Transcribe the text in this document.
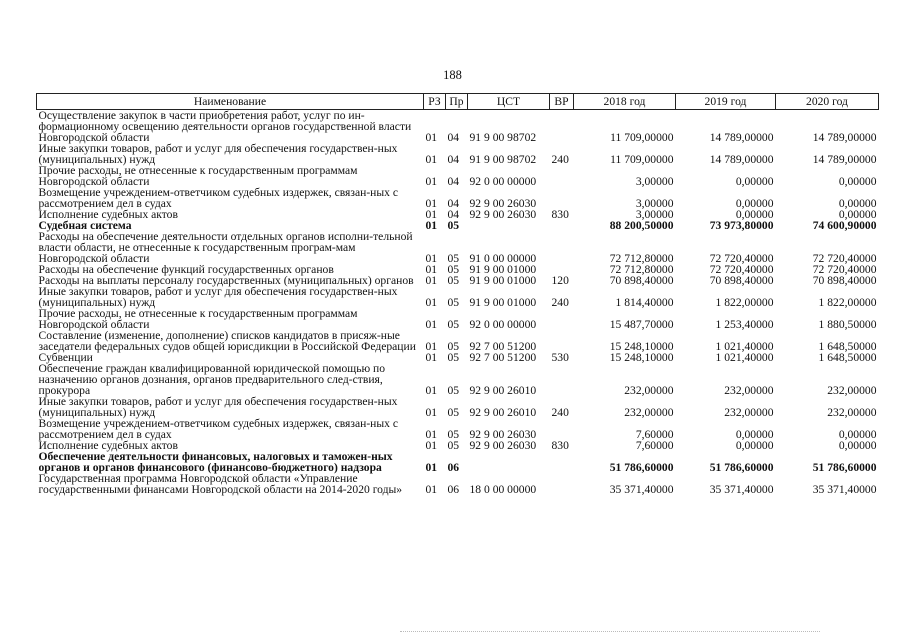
188
Наименование	РЗ	Пр	ЦСТ	ВР	2018 год	2019 год	2020 год
Осуществление закупок в части приобретения работ, услуг по ин-формационному освещению деятельности органов государственной власти Новгородской области	01	04	91 9 00 98702		11 709,00000	14 789,00000	14 789,00000
Иные закупки товаров, работ и услуг для обеспечения государствен-ных (муниципальных) нужд	01	04	91 9 00 98702	240	11 709,00000	14 789,00000	14 789,00000
Прочие расходы, не отнесенные к государственным программам Новгородской области	01	04	92 0 00 00000		3,00000	0,00000	0,00000
Возмещение учреждением-ответчиком судебных издержек, связан-ных с рассмотрением дел в судах	01	04	92 9 00 26030		3,00000	0,00000	0,00000
Исполнение судебных актов	01	04	92 9 00 26030	830	3,00000	0,00000	0,00000
Судебная система	01	05			88 200,50000	73 973,80000	74 600,90000
Расходы на обеспечение деятельности отдельных органов исполни-тельной власти области, не отнесенные к государственным програм-мам Новгородской области	01	05	91 0 00 00000		72 712,80000	72 720,40000	72 720,40000
Расходы на обеспечение функций государственных органов	01	05	91 9 00 01000		72 712,80000	72 720,40000	72 720,40000
Расходы на выплаты персоналу государственных (муниципальных) органов	01	05	91 9 00 01000	120	70 898,40000	70 898,40000	70 898,40000
Иные закупки товаров, работ и услуг для обеспечения государствен-ных (муниципальных) нужд	01	05	91 9 00 01000	240	1 814,40000	1 822,00000	1 822,00000
Прочие расходы, не отнесенные к государственным программам Новгородской области	01	05	92 0 00 00000		15 487,70000	1 253,40000	1 880,50000
Составление (изменение, дополнение) списков кандидатов в присяж-ные заседатели федеральных судов общей юрисдикции в Российской Федерации	01	05	92 7 00 51200		15 248,10000	1 021,40000	1 648,50000
Субвенции	01	05	92 7 00 51200	530	15 248,10000	1 021,40000	1 648,50000
Обеспечение граждан квалифицированной юридической помощью по назначению органов дознания, органов предварительного след-ствия, прокурора	01	05	92 9 00 26010		232,00000	232,00000	232,00000
Иные закупки товаров, работ и услуг для обеспечения государствен-ных (муниципальных) нужд	01	05	92 9 00 26010	240	232,00000	232,00000	232,00000
Возмещение учреждением-ответчиком судебных издержек, связан-ных с рассмотрением дел в судах	01	05	92 9 00 26030		7,60000	0,00000	0,00000
Исполнение судебных актов	01	05	92 9 00 26030	830	7,60000	0,00000	0,00000
Обеспечение деятельности финансовых, налоговых и таможен-ных органов и органов финансового (финансово-бюджетного) надзора	01	06			51 786,60000	51 786,60000	51 786,60000
Государственная программа Новгородской области «Управление государственными финансами Новгородской области на 2014-2020 годы»	01	06	18 0 00 00000		35 371,40000	35 371,40000	35 371,40000
